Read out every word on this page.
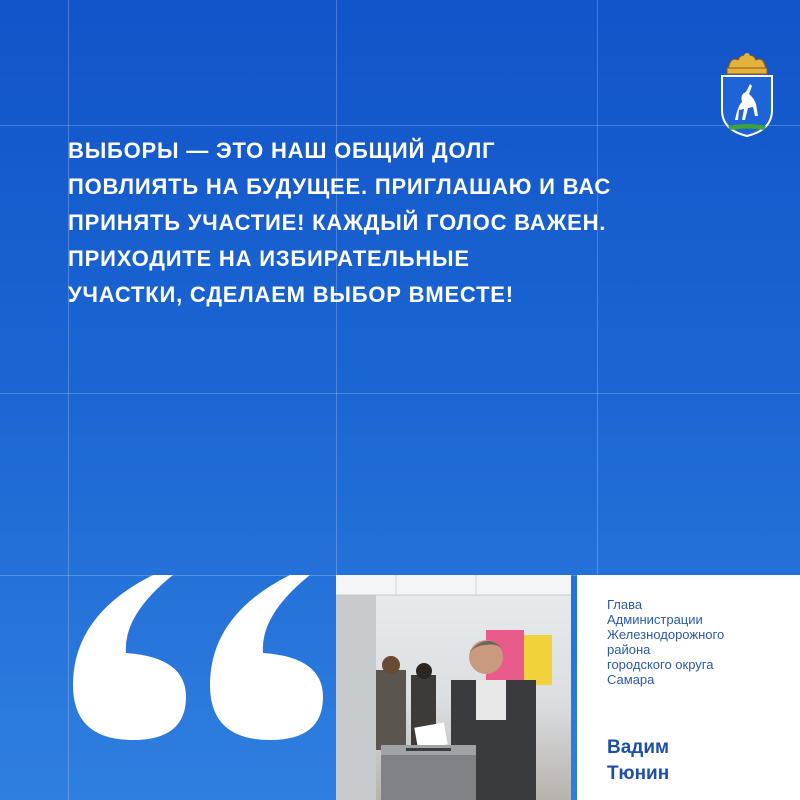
ВЫБОРЫ — ЭТО НАШ ОБЩИЙ ДОЛГ
ПОВЛИЯТЬ НА БУДУЩЕЕ. ПРИГЛАШАЮ И ВАС
ПРИНЯТЬ УЧАСТИЕ! КАЖДЫЙ ГОЛОС ВАЖЕН.
ПРИХОДИТЕ НА ИЗБИРАТЕЛЬНЫЕ
УЧАСТКИ, СДЕЛАЕМ ВЫБОР ВМЕСТЕ!

Глава
Администрации
Железнодорожного
района
городского округа
Самара

Вадим
Тюнин
